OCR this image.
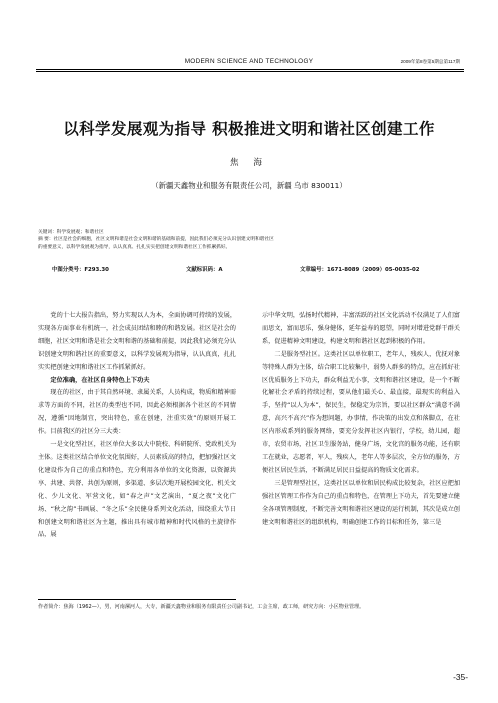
MODERN SCIENCE AND TECHNOLOGY	2009年第8卷第5期总第117期
以科学发展观为指导 积极推进文明和谐社区创建工作
焦 海
（新疆天鑫物业和服务有限责任公司，新疆 乌市 830011）
关键词：科学发展观；和谐社区
摘 要：社区是社会的细胞，社区文明和谐是社会文明和谐的基础和前提，因此我们必须充分认识创建文明和谐社区
的重要意义，以科学发展观为指导，认认真真、扎扎实实把创建文明和谐社区工作抓紧抓好。
中图分类号：F293.30	文献标识码：A	文章编号：1671-8089（2009）05-0035-02

党的十七大报告指出，努力实现以人为本，全面协调可持续的发展，实现各方面事业有机统一，社会成员团结和睦的和谐发展。社区是社会的细胞，社区文明和谐是社会文明和谐的基础和前提，因此我们必须充分认识创建文明和谐社区的重要意义，以科学发展观为指导，认认真真，扎扎实实把创建文明和谐社区工作抓紧抓好。

定位准确，在社区自身特色上下功夫

现在的社区，由于其自然环境、隶属关系，人员构成，物质和精神需求等方面的不同，社区的类型也不同，因此必须根据各个社区的不同情况，遵循“因地制宜，突出特色，重在创建，注重实效”的原则开展工作。目前我区的社区分三大类：

一是文化型社区，社区单位大多以大中院校、科研院所、党政机关为主体。这类社区结合单位文化氛围好，人员素质高的特点，把加强社区文化建设作为自己的重点和特色，充分利用各单位的文化资源，以资源共享、共建、共督、共创为原则，多渠道、多层次地开展校园文化、机关文化、少儿文化、军营文化，如“春之声”文艺演出，“夏之夜”文化广场、“秋之韵”书画展、“冬之乐”全民健身系列文化活动，围绕重大节日和创建文明和谐社区为主题，推出具有城市精神和时代风格的主旋律作品，展

示中华文明，弘扬时代精神，丰富活跃的社区文化活动不仅满足了人们富而思文，富而思乐，强身健体，延年益寿的愿望，同时对增进党群干群关系，促进精神文明建设，构建文明和谐社区起到积极的作用。

二是服务型社区。这类社区以单位职工，老年人，残疾人，优抚对象等特殊人群为主体，结合职工比较集中，弱势人群多的特点，应在抓好社区优质服务上下功夫，群众利益无小事，文明和谐社区建设，是一个不断化解社会矛盾的持续过程，要从他们最关心、最直接，最现实的利益入手，坚持“以人为本”，保民生，保稳定为宗旨，要以社区群众“满意不满意，高兴不高兴”作为想问题，办事情，作决策的出发点和落脚点，在社区内形成系列的服务网络，要充分发挥社区内银行，学校，幼儿园，超市，农贸市场，社区卫生服务站，健身广场，文化宫的服务功能，还有职工在就业，志愿者，军人，残疾人，老年人等多层次，全方位的服务，方便社区居民生活，不断满足居民日益提高的物质文化需求。

三是管理型社区，这类社区以单位和居民构成比较复杂，社区应把加强社区管理工作作为自己的重点和特色，在管理上下功夫，首先要建立健全各项管理制度，不断完善文明和谐社区建设的运行机制，其次是成立创建文明和谐社区的组织机构，明确创建工作的目标和任务，第三是

作者简介：焦海（1962—），男，河南漯河人，大专，新疆天鑫物业和服务有限责任公司副书记，工会主席，政工师，研究方向：小区物业管理。
-35-
